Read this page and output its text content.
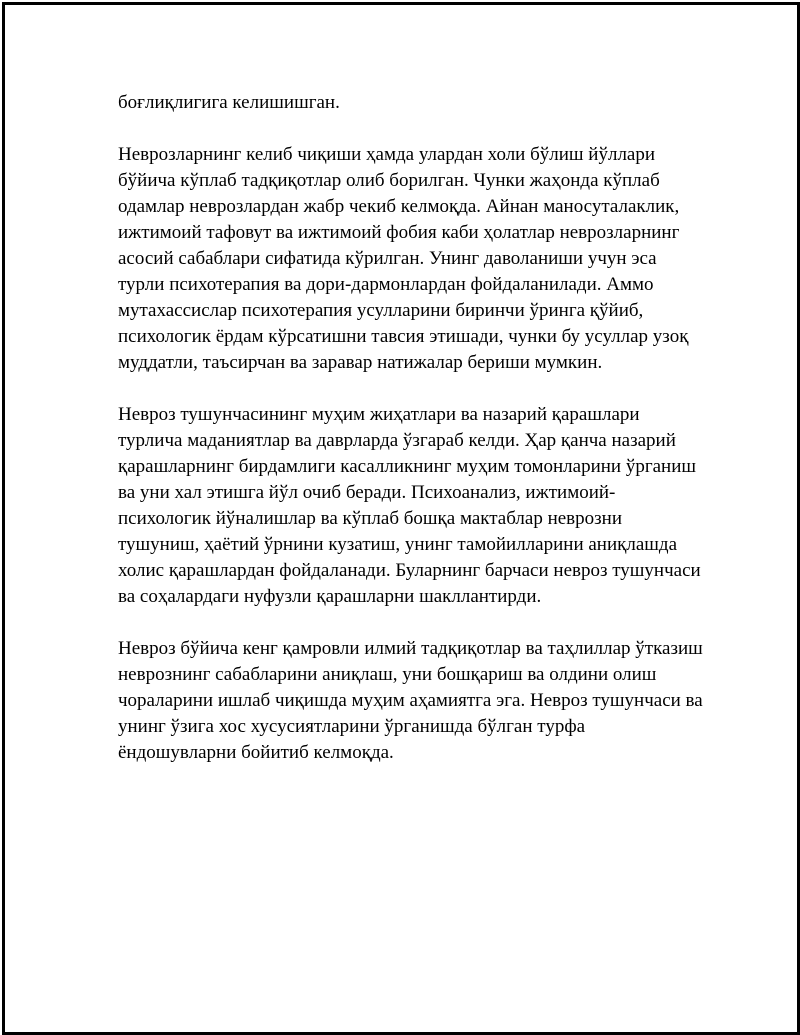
боғлиқлигига келишишган.

Неврозларнинг келиб чиқиши ҳамда улардан холи бўлиш йўллари
бўйича кўплаб тадқиқотлар олиб борилган. Чунки жаҳонда кўплаб
одамлар неврозлардан жабр чекиб келмоқда. Айнан маносуталаклик,
ижтимоий тафовут ва ижтимоий фобия каби ҳолатлар неврозларнинг
асосий сабаблари сифатида кўрилган. Унинг даволаниши учун эса
турли психотерапия ва дори-дармонлардан фойдаланилади. Аммо
мутахассислар психотерапия усулларини биринчи ўринга қўйиб,
психологик ёрдам кўрсатишни тавсия этишади, чунки бу усуллар узоқ
муддатли, таъсирчан ва заравар натижалар бериши мумкин.

Невроз тушунчасининг муҳим жиҳатлари ва назарий қарашлари
турлича маданиятлар ва даврларда ўзгараб келди. Ҳар қанча назарий
қарашларнинг бирдамлиги касалликнинг муҳим томонларини ўрганиш
ва уни хал этишга йўл очиб беради. Психоанализ, ижтимоий-
психологик йўналишлар ва кўплаб бошқа мактаблар неврозни
тушуниш, ҳаётий ўрнини кузатиш, унинг тамойилларини аниқлашда
холис қарашлардан фойдаланади. Буларнинг барчаси невроз тушунчаси
ва соҳалардаги нуфузли қарашларни шакллантирди.

Невроз бўйича кенг қамровли илмий тадқиқотлар ва таҳлиллар ўтказиш
неврознинг сабабларини аниқлаш, уни бошқариш ва олдини олиш
чораларини ишлаб чиқишда муҳим аҳамиятга эга. Невроз тушунчаси ва
унинг ўзига хос хусусиятларини ўрганишда бўлган турфа
ёндошувларни бойитиб келмоқда.
